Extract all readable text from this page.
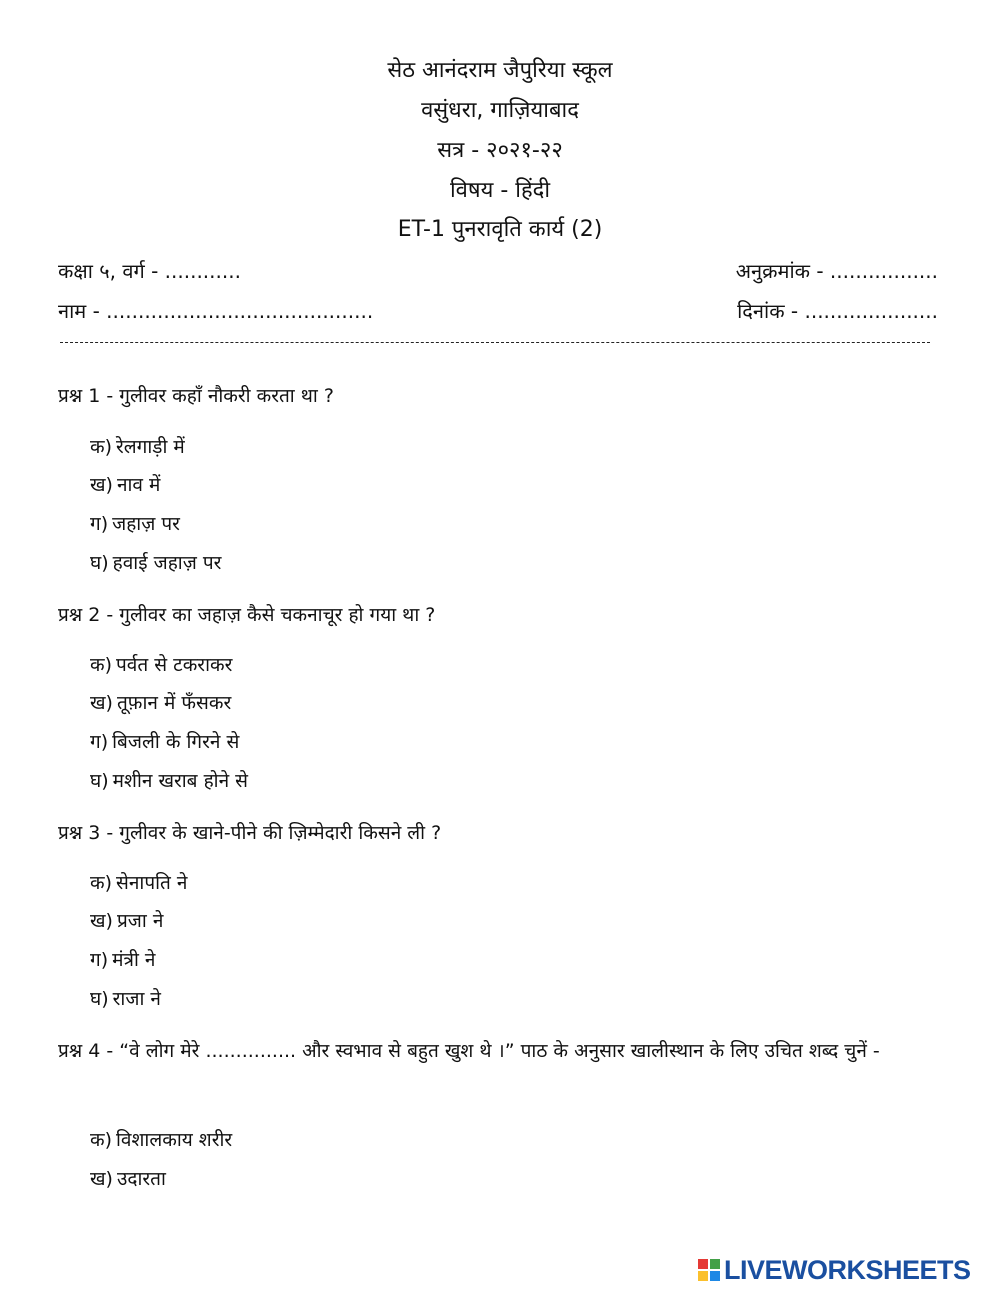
सेठ आनंदराम जैपुरिया स्कूल
वसुंधरा, गाज़ियाबाद
सत्र - २०२१-२२
विषय - हिंदी
ET-1 पुनरावृति कार्य (2)
कक्षा ५, वर्ग - ............	अनुक्रमांक - .................
नाम - ..........................................	दिनांक - .....................
प्रश्न 1 - गुलीवर कहाँ नौकरी करता था ?
क) रेलगाड़ी में
ख) नाव में
ग) जहाज़ पर
घ) हवाई जहाज़ पर
प्रश्न 2 - गुलीवर का जहाज़ कैसे चकनाचूर हो गया था ?
क) पर्वत से टकराकर
ख) तूफ़ान में फँसकर
ग) बिजली के गिरने से
घ) मशीन खराब होने से
प्रश्न 3 - गुलीवर के खाने-पीने की ज़िम्मेदारी किसने ली ?
क) सेनापति ने
ख) प्रजा ने
ग) मंत्री ने
घ) राजा ने
प्रश्न 4 - “वे लोग मेरे ............... और स्वभाव से बहुत खुश थे ।” पाठ के अनुसार खालीस्थान के लिए उचित शब्द चुनें -
क) विशालकाय शरीर
ख) उदारता
LIVEWORKSHEETS
